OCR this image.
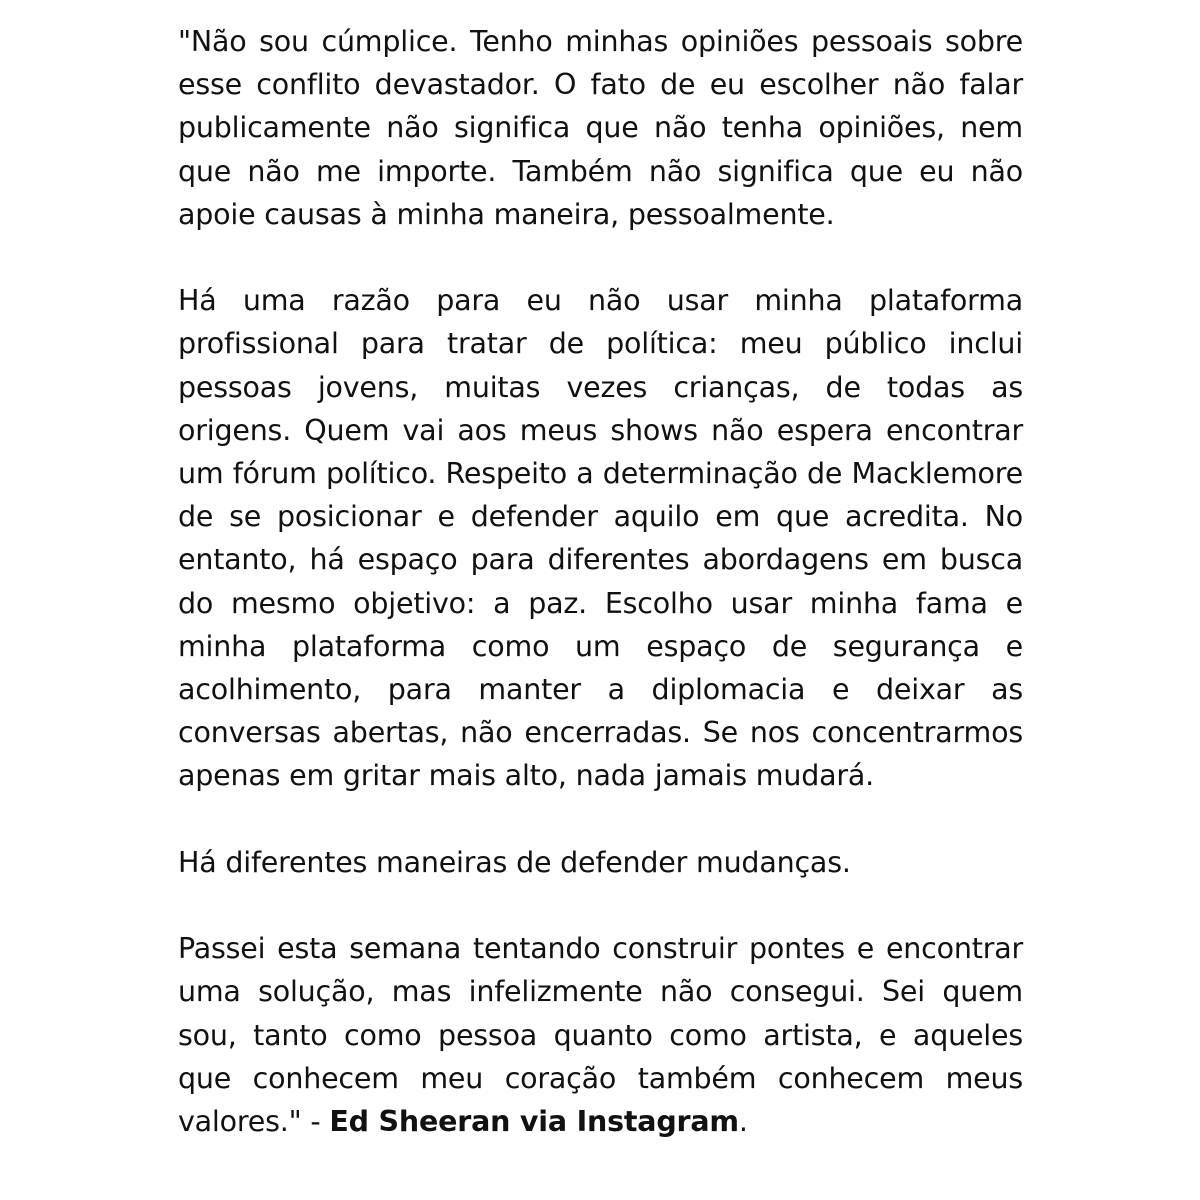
"Não sou cúmplice. Tenho minhas opiniões pessoais sobre esse conflito devastador. O fato de eu escolher não falar publicamente não significa que não tenha opiniões, nem que não me importe. Também não significa que eu não apoie causas à minha maneira, pessoalmente.

Há uma razão para eu não usar minha plataforma profissional para tratar de política: meu público inclui pessoas jovens, muitas vezes crianças, de todas as origens. Quem vai aos meus shows não espera encontrar um fórum político. Respeito a determinação de Macklemore de se posicionar e defender aquilo em que acredita. No entanto, há espaço para diferentes abordagens em busca do mesmo objetivo: a paz. Escolho usar minha fama e minha plataforma como um espaço de segurança e acolhimento, para manter a diplomacia e deixar as conversas abertas, não encerradas. Se nos concentrarmos apenas em gritar mais alto, nada jamais mudará.

Há diferentes maneiras de defender mudanças.

Passei esta semana tentando construir pontes e encontrar uma solução, mas infelizmente não consegui. Sei quem sou, tanto como pessoa quanto como artista, e aqueles que conhecem meu coração também conhecem meus valores." - Ed Sheeran via Instagram.
